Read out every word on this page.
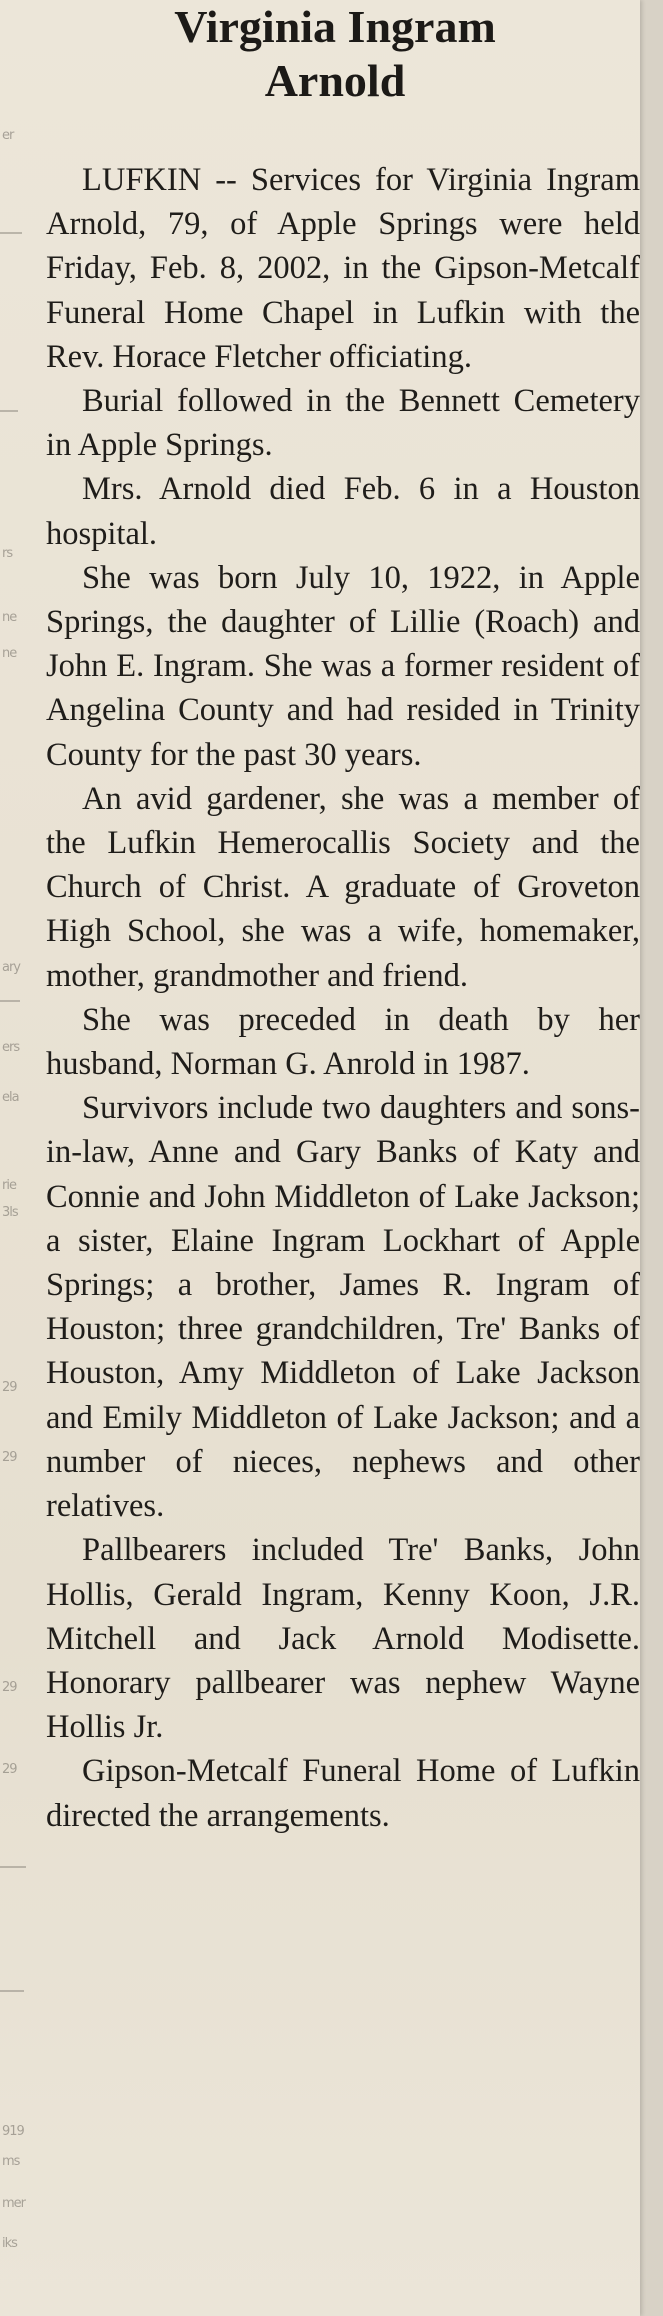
er
ne
ne
rs
ary
ers
ela
rie
3ls
29
29
29
29
919
mer
ms
iks
Virginia Ingram
Arnold

LUFKIN -- Services for Virginia Ingram Arnold, 79, of Apple Springs were held Friday, Feb. 8, 2002, in the Gipson-Metcalf Funeral Home Chapel in Lufkin with the Rev. Horace Fletcher officiating.

Burial followed in the Bennett Cemetery in Apple Springs.

Mrs. Arnold died Feb. 6 in a Houston hospital.

She was born July 10, 1922, in Apple Springs, the daughter of Lillie (Roach) and John E. Ingram. She was a former resident of Angelina County and had resided in Trinity County for the past 30 years.

An avid gardener, she was a member of the Lufkin Hemerocallis Society and the Church of Christ. A graduate of Groveton High School, she was a wife, homemaker, mother, grandmother and friend.

She was preceded in death by her husband, Norman G. Anrold in 1987.

Survivors include two daughters and sons-in-law, Anne and Gary Banks of Katy and Connie and John Middleton of Lake Jackson; a sister, Elaine Ingram Lockhart of Apple Springs; a brother, James R. Ingram of Houston; three grandchildren, Tre' Banks of Houston, Amy Middleton of Lake Jackson and Emily Middleton of Lake Jackson; and a number of nieces, nephews and other relatives.

Pallbearers included Tre' Banks, John Hollis, Gerald Ingram, Kenny Koon, J.R. Mitchell and Jack Arnold Modisette. Honorary pallbearer was nephew Wayne Hollis Jr.

Gipson-Metcalf Funeral Home of Lufkin directed the arrangements.
